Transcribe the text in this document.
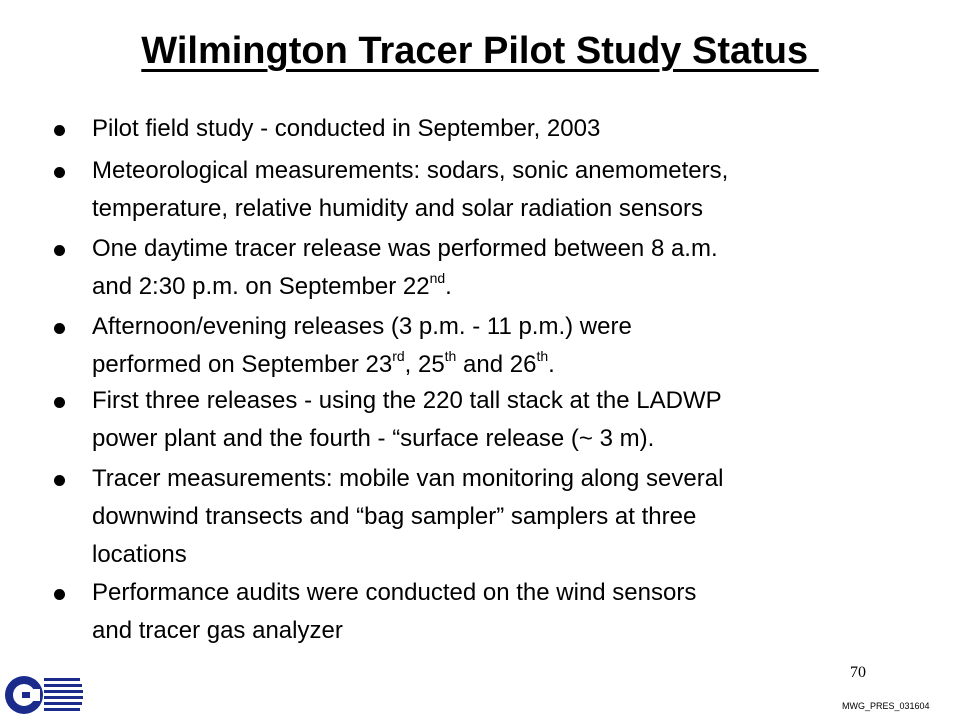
Wilmington Tracer Pilot Study Status
Pilot field study - conducted in September, 2003
Meteorological measurements: sodars, sonic anemometers,
temperature, relative humidity and solar radiation sensors
One daytime tracer release was performed between 8 a.m.
and 2:30 p.m. on September 22nd.
Afternoon/evening releases (3 p.m. - 11 p.m.) were
performed on September 23rd, 25th and 26th.
First three releases - using the 220 tall stack at the LADWP
power plant and the fourth - “surface release (~ 3 m).
Tracer measurements: mobile van monitoring along several
downwind transects and “bag sampler” samplers at three
locations
Performance audits were conducted on the wind sensors
and tracer gas analyzer
70
MWG_PRES_031604
